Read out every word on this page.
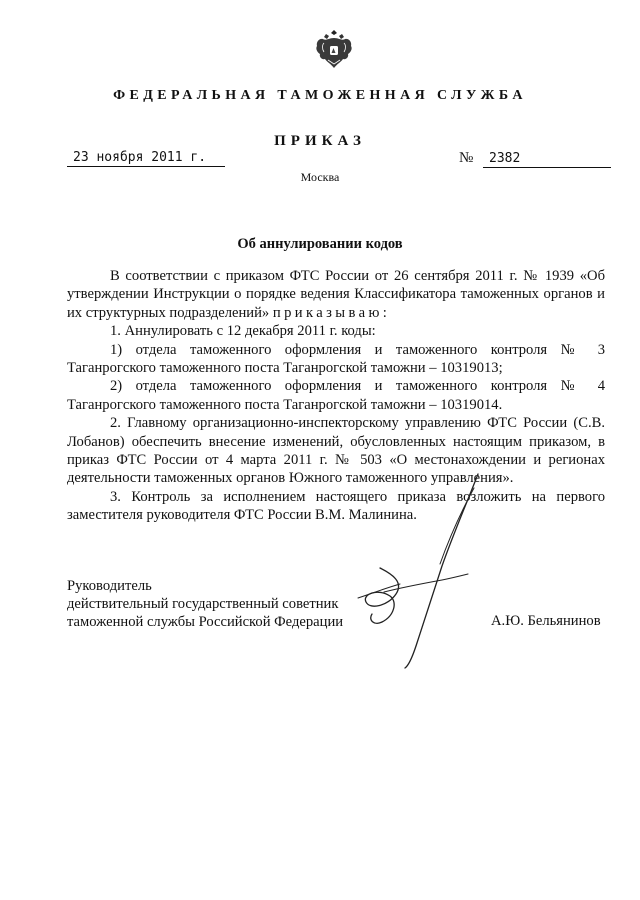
ФЕДЕРАЛЬНАЯ ТАМОЖЕННАЯ СЛУЖБА
ПРИКАЗ
23 ноября 2011 г.	№	2382
Москва
Об аннулировании кодов

В соответствии с приказом ФТС России от 26 сентября 2011 г. № 1939 «Об утверждении Инструкции о порядке ведения Классификатора таможенных органов и их структурных подразделений» приказываю:

1. Аннулировать с 12 декабря 2011 г. коды:

1) отдела таможенного оформления и таможенного контроля № 3 Таганрогского таможенного поста Таганрогской таможни – 10319013;

2) отдела таможенного оформления и таможенного контроля № 4 Таганрогского таможенного поста Таганрогской таможни – 10319014.

2. Главному организационно-инспекторскому управлению ФТС России (С.В. Лобанов) обеспечить внесение изменений, обусловленных настоящим приказом, в приказ ФТС России от 4 марта 2011 г. № 503 «О местонахождении и регионах деятельности таможенных органов Южного таможенного управления».

3. Контроль за исполнением настоящего приказа возложить на первого заместителя руководителя ФТС России В.М. Малинина.

Руководитель
действительный государственный советник
таможенной службы Российской Федерации	А.Ю. Бельянинов
